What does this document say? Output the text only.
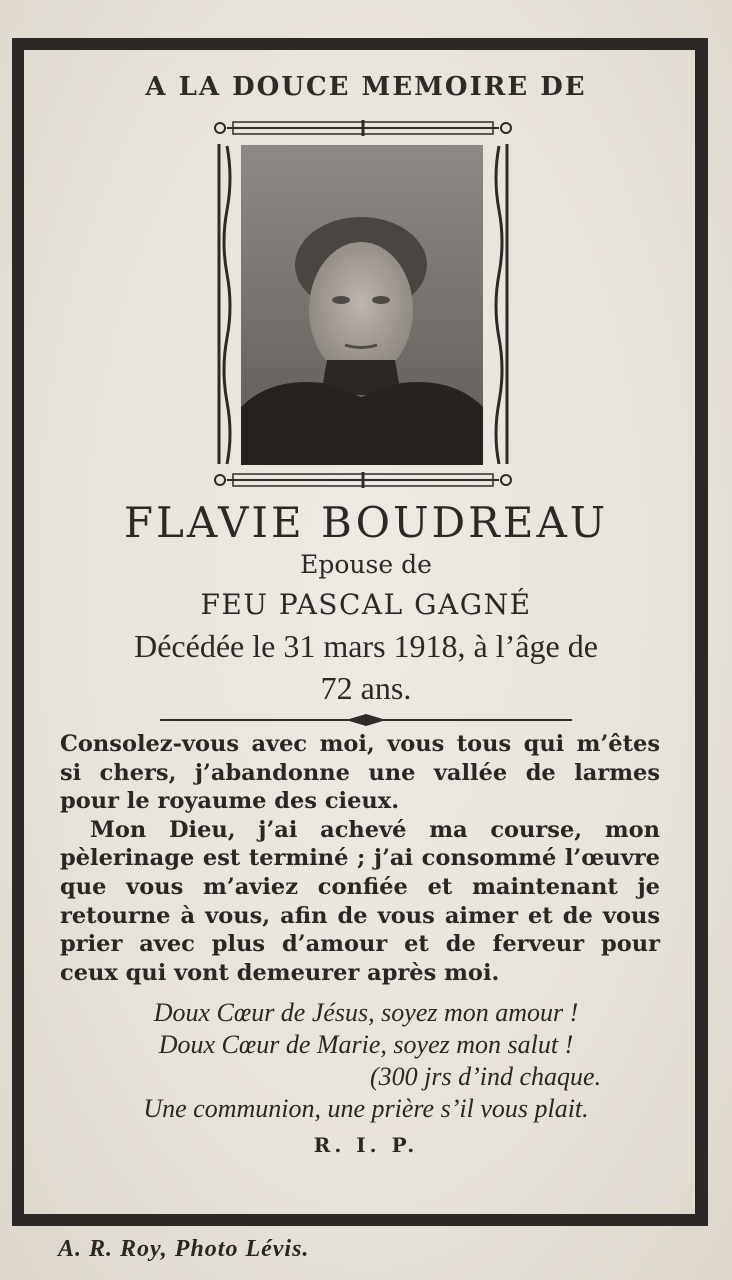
A LA DOUCE MEMOIRE DE
FLAVIE BOUDREAU
Epouse de
FEU PASCAL GAGNÉ
Décédée le 31 mars 1918, à l’âge de
72 ans.

Consolez-vous avec moi, vous tous qui m’êtes si chers, j’abandonne une vallée de larmes pour le royaume des cieux.

Mon Dieu, j’ai achevé ma course, mon pèlerinage est terminé ; j’ai consommé l’œuvre que vous m’aviez confiée et maintenant je retourne à vous, afin de vous aimer et de vous prier avec plus d’amour et de ferveur pour ceux qui vont demeurer après moi.

Doux Cœur de Jésus, soyez mon amour !
Doux Cœur de Marie, soyez mon salut !
(300 jrs d’ind chaque.
Une communion, une prière s’il vous plait.
R. I. P.
A. R. Roy, Photo Lévis.
